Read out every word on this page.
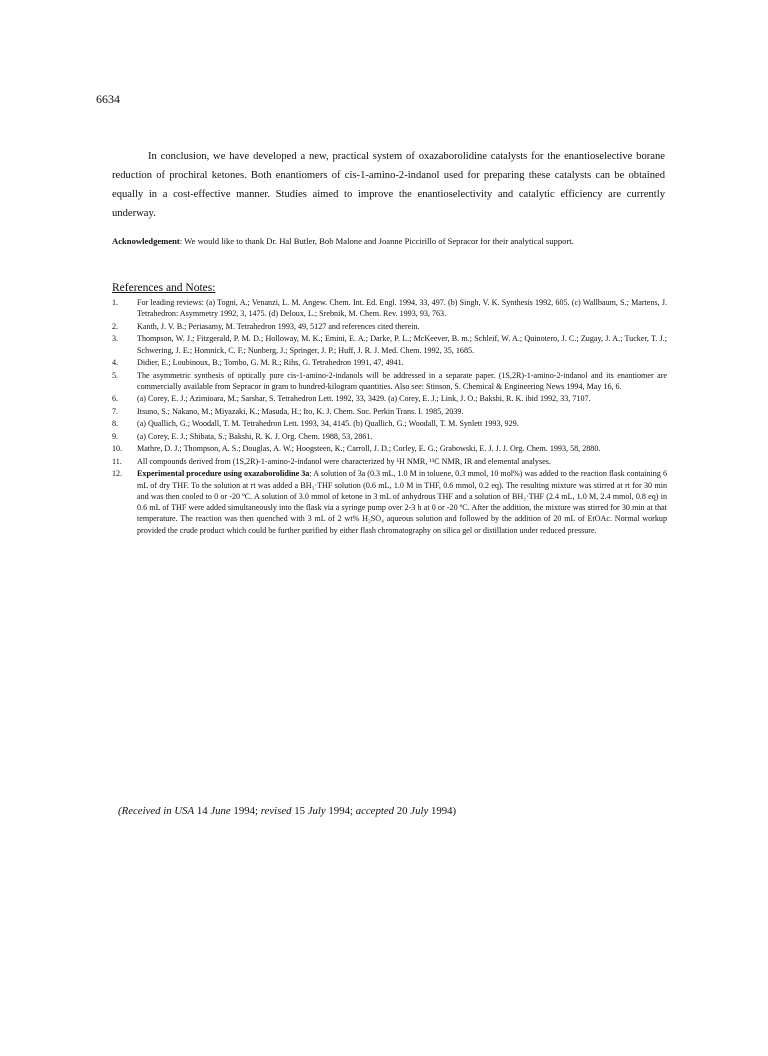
6634

In conclusion, we have developed a new, practical system of oxazaborolidine catalysts for the enantioselective borane reduction of prochiral ketones. Both enantiomers of cis-1-amino-2-indanol used for preparing these catalysts can be obtained equally in a cost-effective manner. Studies aimed to improve the enantioselectivity and catalytic efficiency are currently underway.

Acknowledgement: We would like to thank Dr. Hal Butler, Bob Malone and Joanne Piccirillo of Sepracor for their analytical support.

References and Notes:
1. For leading reviews: (a) Togni, A.; Venanzi, L. M. Angew. Chem. Int. Ed. Engl. 1994, 33, 497. (b) Singh, V. K. Synthesis 1992, 605. (c) Wallbaum, S.; Martens, J. Tetrahedron: Asymmetry 1992, 3, 1475. (d) Deloux, L.; Srebnik, M. Chem. Rev. 1993, 93, 763.
2. Kanth, J. V. B.; Periasamy, M. Tetrahedron 1993, 49, 5127 and references cited therein.
3. Thompson, W. J.; Fitzgerald, P. M. D.; Holloway, M. K.; Emini, E. A.; Darke, P. L.; McKeever, B. m.; Schleif, W. A.; Quinotero, J. C.; Zugay, J. A.; Tucker, T. J.; Schwering, J. E.; Homnick, C. F.; Nunberg, J.; Springer, J. P.; Huff, J. R. J. Med. Chem. 1992, 35, 1685.
4. Didier, E.; Loubinoux, B.; Tombo, G. M. R.; Rihs, G. Tetrahedron 1991, 47, 4941.
5. The asymmetric synthesis of optically pure cis-1-amino-2-indanols will be addressed in a separate paper. (1S,2R)-1-amino-2-indanol and its enantiomer are commercially available from Sepracor in gram to hundred-kilogram quantities. Also see: Stinson, S. Chemical & Engineering News 1994, May 16, 6.
6. (a) Corey, E. J.; Azimioara, M.; Sarshar, S. Tetrahedron Lett. 1992, 33, 3429. (a) Corey, E. J.; Link, J. O.; Bakshi, R. K. ibid 1992, 33, 7107.
7. Itsuno, S.; Nakano, M.; Miyazaki, K.; Masuda, H.; Ito, K. J. Chem. Soc. Perkin Trans. I. 1985, 2039.
8. (a) Quallich, G.; Woodall, T. M. Tetrahedron Lett. 1993, 34, 4145. (b) Quallich, G.; Woodall, T. M. Synlett 1993, 929.
9. (a) Corey, E. J.; Shibata, S.; Bakshi, R. K. J. Org. Chem. 1988, 53, 2861.
10. Mathre, D. J.; Thompson, A. S.; Douglas, A. W.; Hoogsteen, K.; Carroll, J. D.; Corley, E. G.; Grabowski, E. J. J. J. Org. Chem. 1993, 58, 2880.
11. All compounds derived from (1S,2R)-1-amino-2-indanol were characterized by ¹H NMR, ¹³C NMR, IR and elemental analyses.
12. Experimental procedure using oxazaborolidine 3a: A solution of 3a (0.3 mL, 1.0 M in toluene, 0.3 mmol, 10 mol%) was added to the reaction flask containing 6 mL of dry THF. To the solution at rt was added a BH₃·THF solution (0.6 mL, 1.0 M in THF, 0.6 mmol, 0.2 eq). The resulting mixture was stirred at rt for 30 min and was then cooled to 0 or -20 ºC. A solution of 3.0 mmol of ketone in 3 mL of anhydrous THF and a solution of BH₃·THF (2.4 mL, 1.0 M, 2.4 mmol, 0.8 eq) in 0.6 mL of THF were added simultaneously into the flask via a syringe pump over 2-3 h at 0 or -20 ºC. After the addition, the mixture was stirred for 30 min at that temperature. The reaction was then quenched with 3 mL of 2 wt% H₂SO₄ aqueous solution and followed by the addition of 20 mL of EtOAc. Normal workup provided the crude product which could be further purified by either flash chromatography on silica gel or distillation under reduced pressure.

(Received in USA 14 June 1994; revised 15 July 1994; accepted 20 July 1994)
